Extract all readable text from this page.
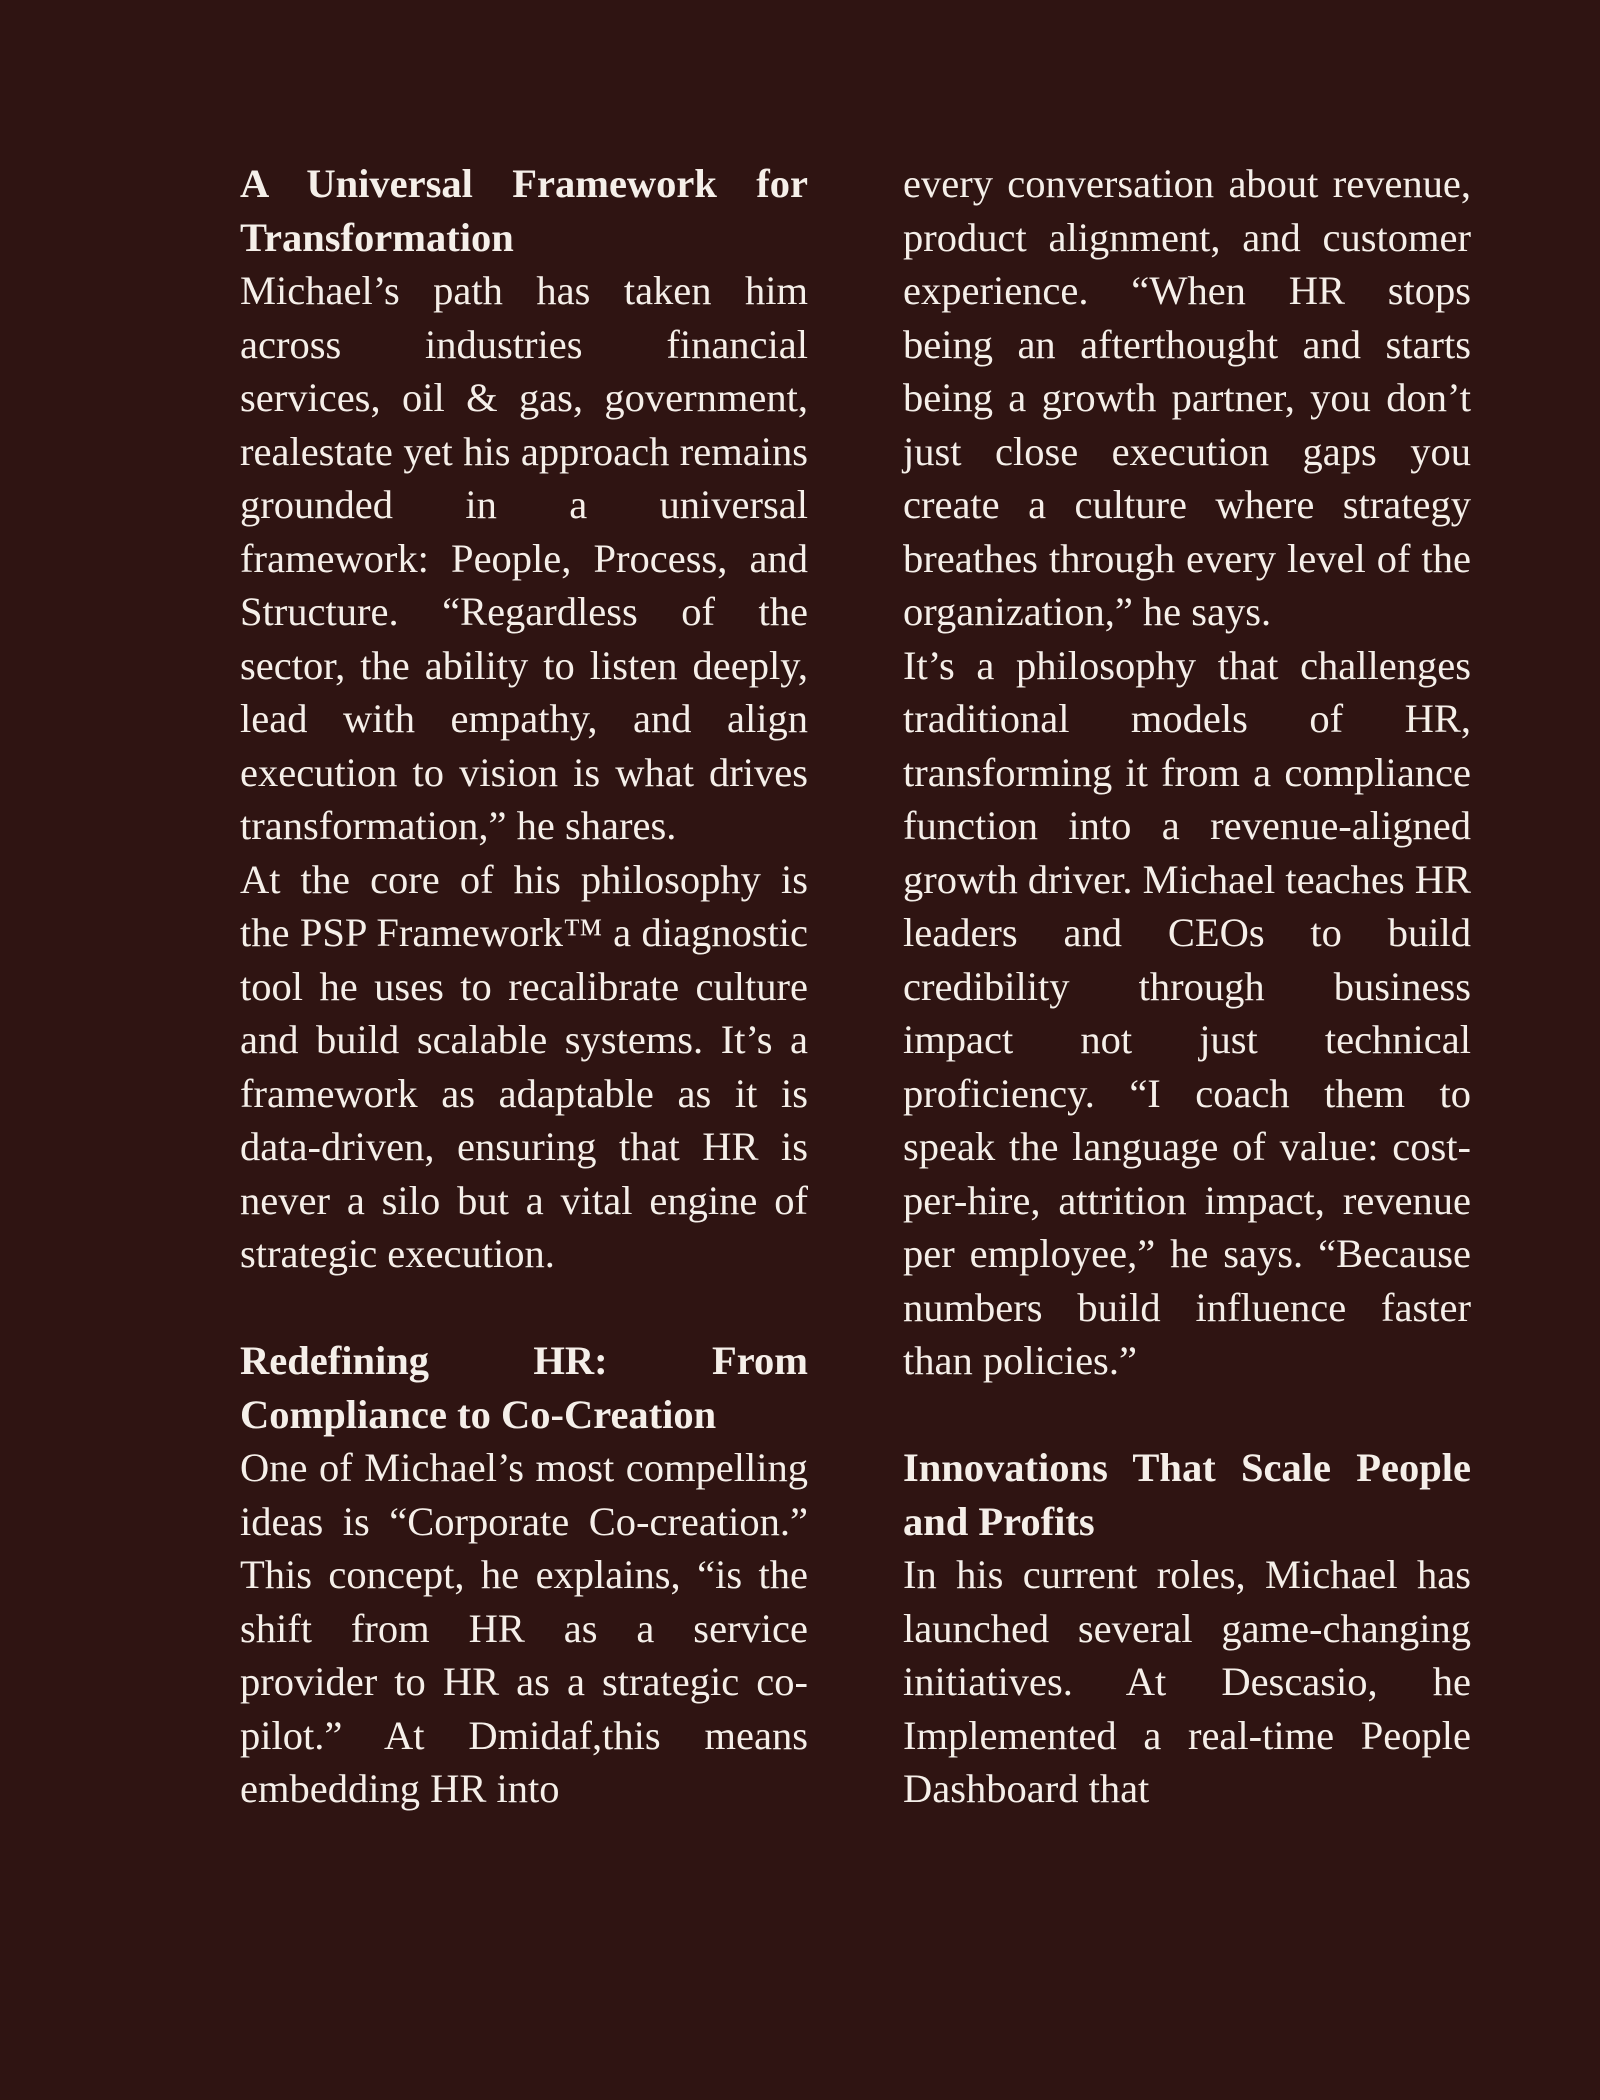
A Universal Framework for Transformation

Michael’s path has taken him across industries financial services, oil & gas, government, realestate yet his approach remains grounded in a universal framework: People, Process, and Structure. “Regardless of the sector, the ability to listen deeply, lead with empathy, and align execution to vision is what drives transformation,” he shares.

At the core of his philosophy is the PSP Framework™ a diagnostic tool he uses to recalibrate culture and build scalable systems. It’s a framework as adaptable as it is data-driven, ensuring that HR is never a silo but a vital engine of strategic execution.

Redefining HR: From Compliance to Co-Creation

One of Michael’s most compelling ideas is “Corporate Co-creation.” This concept, he explains, “is the shift from HR as a service provider to HR as a strategic co-pilot.” At Dmidaf,this means embedding HR into

every conversation about revenue, product alignment, and customer experience. “When HR stops being an afterthought and starts being a growth partner, you don’t just close execution gaps you create a culture where strategy breathes through every level of the organization,” he says.

It’s a philosophy that challenges traditional models of HR, transforming it from a compliance function into a revenue-aligned growth driver. Michael teaches HR leaders and CEOs to build credibility through business impact not just technical proficiency. “I coach them to speak the language of value: cost-per-hire, attrition impact, revenue per employee,” he says. “Because numbers build influence faster than policies.”

Innovations That Scale People and Profits

In his current roles, Michael has launched several game-changing initiatives. At Descasio, he Implemented a real-time People Dashboard that
